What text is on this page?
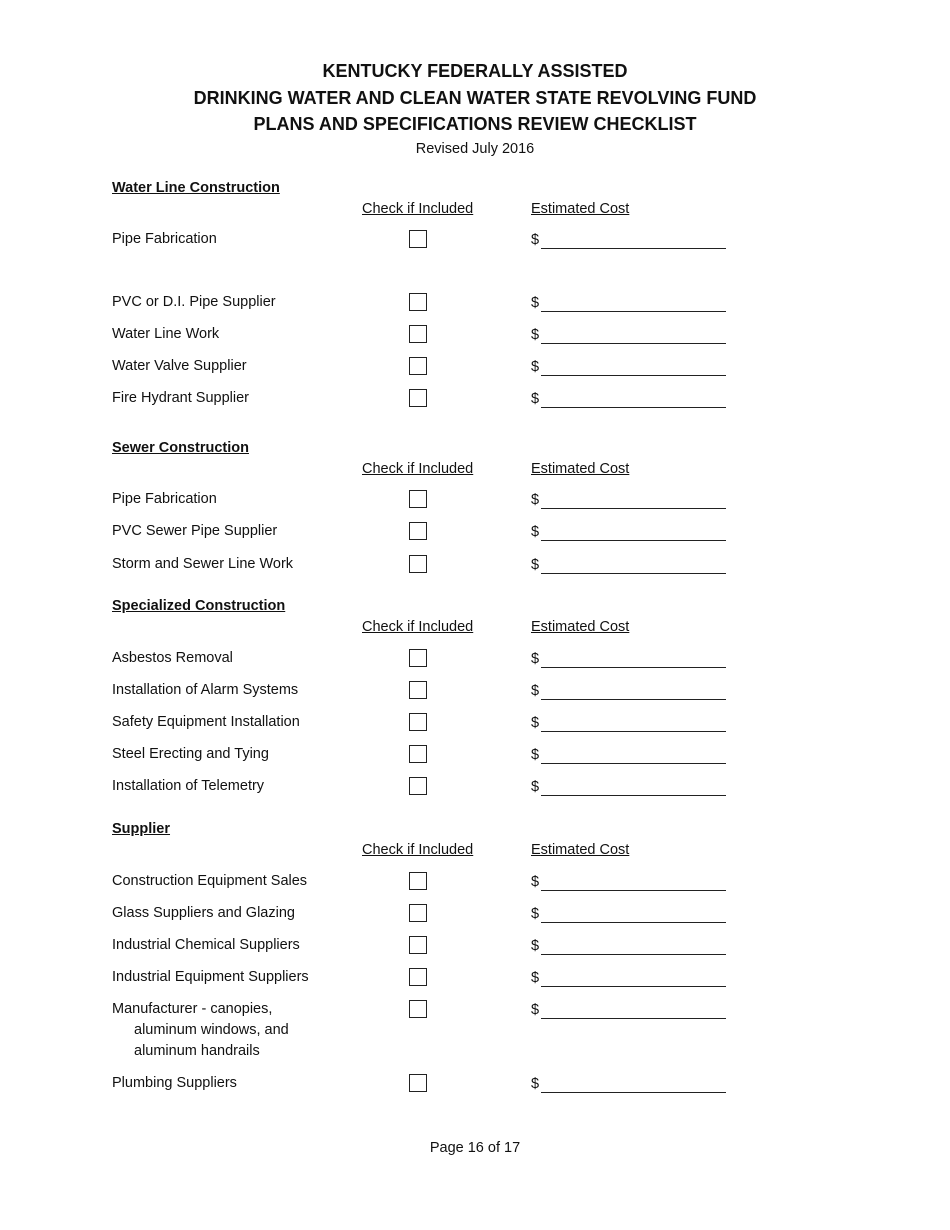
KENTUCKY FEDERALLY ASSISTED
DRINKING WATER AND CLEAN WATER STATE REVOLVING FUND
PLANS AND SPECIFICATIONS REVIEW CHECKLIST
Revised July 2016
Water Line Construction
Check if Included	Estimated Cost
Pipe Fabrication	$
PVC or D.I. Pipe Supplier	$
Water Line Work	$
Water Valve Supplier	$
Fire Hydrant Supplier	$
Sewer Construction
Check if Included	Estimated Cost
Pipe Fabrication	$
PVC Sewer Pipe Supplier	$
Storm and Sewer Line Work	$
Specialized Construction
Check if Included	Estimated Cost
Asbestos Removal	$
Installation of Alarm Systems	$
Safety Equipment Installation	$
Steel Erecting and Tying	$
Installation of Telemetry	$
Supplier
Check if Included	Estimated Cost
Construction Equipment Sales	$
Glass Suppliers and Glazing	$
Industrial Chemical Suppliers	$
Industrial Equipment Suppliers	$
Manufacturer - canopies,
aluminum windows, and
aluminum handrails
$
Plumbing Suppliers	$
Page 16 of 17
